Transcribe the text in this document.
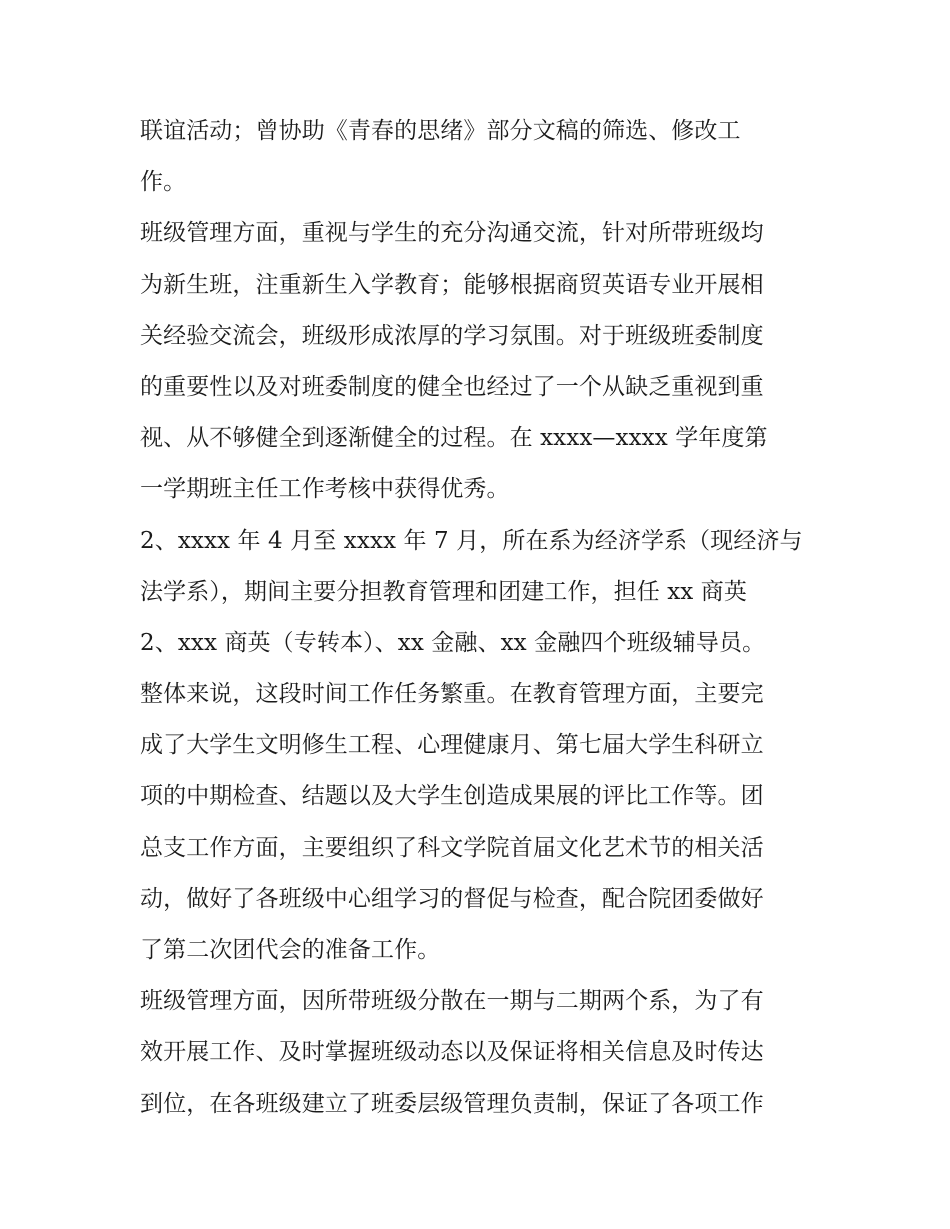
联谊活动；曾协助《青春的思绪》部分文稿的筛选、修改工
作。
班级管理方面，重视与学生的充分沟通交流，针对所带班级均
为新生班，注重新生入学教育；能够根据商贸英语专业开展相
关经验交流会，班级形成浓厚的学习氛围。对于班级班委制度
的重要性以及对班委制度的健全也经过了一个从缺乏重视到重
视、从不够健全到逐渐健全的过程。在 xxxx—xxxx 学年度第
一学期班主任工作考核中获得优秀。
2、xxxx 年 4 月至 xxxx 年 7 月，所在系为经济学系（现经济与
法学系），期间主要分担教育管理和团建工作，担任 xx 商英
2、xxx 商英（专转本）、xx 金融、xx 金融四个班级辅导员。
整体来说，这段时间工作任务繁重。在教育管理方面，主要完
成了大学生文明修生工程、心理健康月、第七届大学生科研立
项的中期检查、结题以及大学生创造成果展的评比工作等。团
总支工作方面，主要组织了科文学院首届文化艺术节的相关活
动，做好了各班级中心组学习的督促与检查，配合院团委做好
了第二次团代会的准备工作。
班级管理方面，因所带班级分散在一期与二期两个系，为了有
效开展工作、及时掌握班级动态以及保证将相关信息及时传达
到位，在各班级建立了班委层级管理负责制，保证了各项工作
